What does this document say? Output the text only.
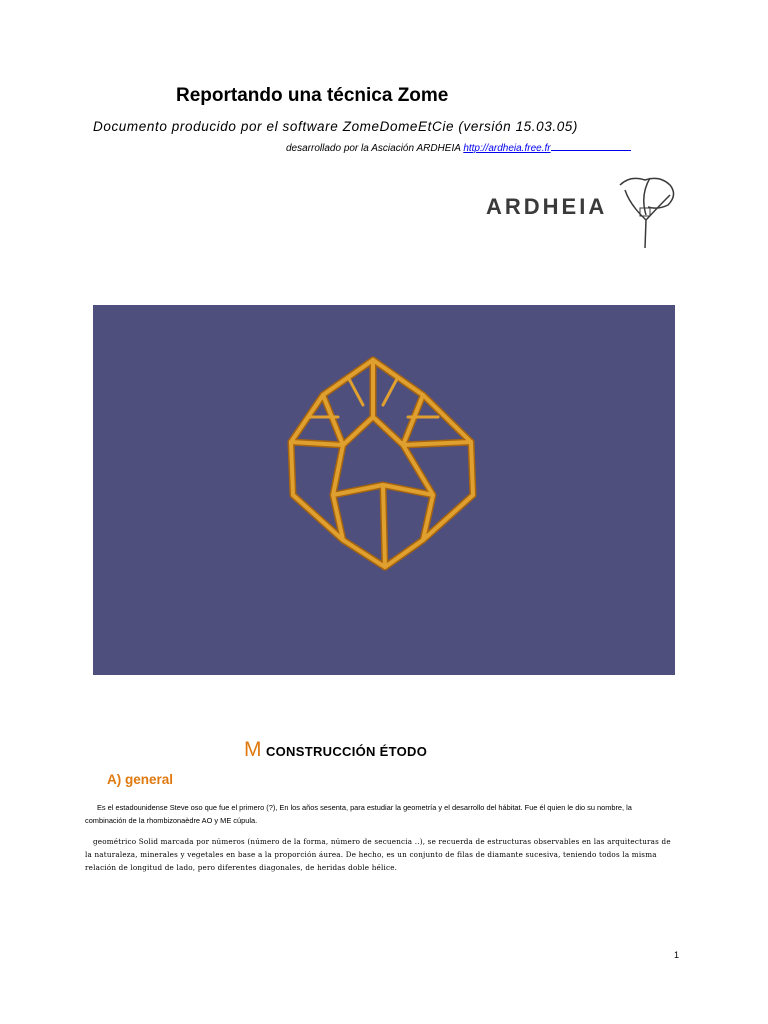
Reportando una técnica Zome
Documento producido por el software ZomeDomeEtCie (versión 15.03.05)
desarrollado por la Asciación ARDHEIA http://ardheia.free.fr
ARDHEIA
M CONSTRUCCIÓN ÉTODO
A) general
Es el estadounidense Steve oso que fue el primero (?), En los años sesenta, para estudiar la geometría y el desarrollo del hábitat. Fue él quien le dio su nombre, la combinación de la rhombizonaèdre AO y ME cúpula.
geométrico Solid marcada por números (número de la forma, número de secuencia ..), se recuerda de estructuras observables en las arquitecturas de la naturaleza, minerales y vegetales en base a la proporción áurea. De hecho, es un conjunto de filas de diamante sucesiva, teniendo todos la misma relación de longitud de lado, pero diferentes diagonales, de heridas doble hélice.
1
